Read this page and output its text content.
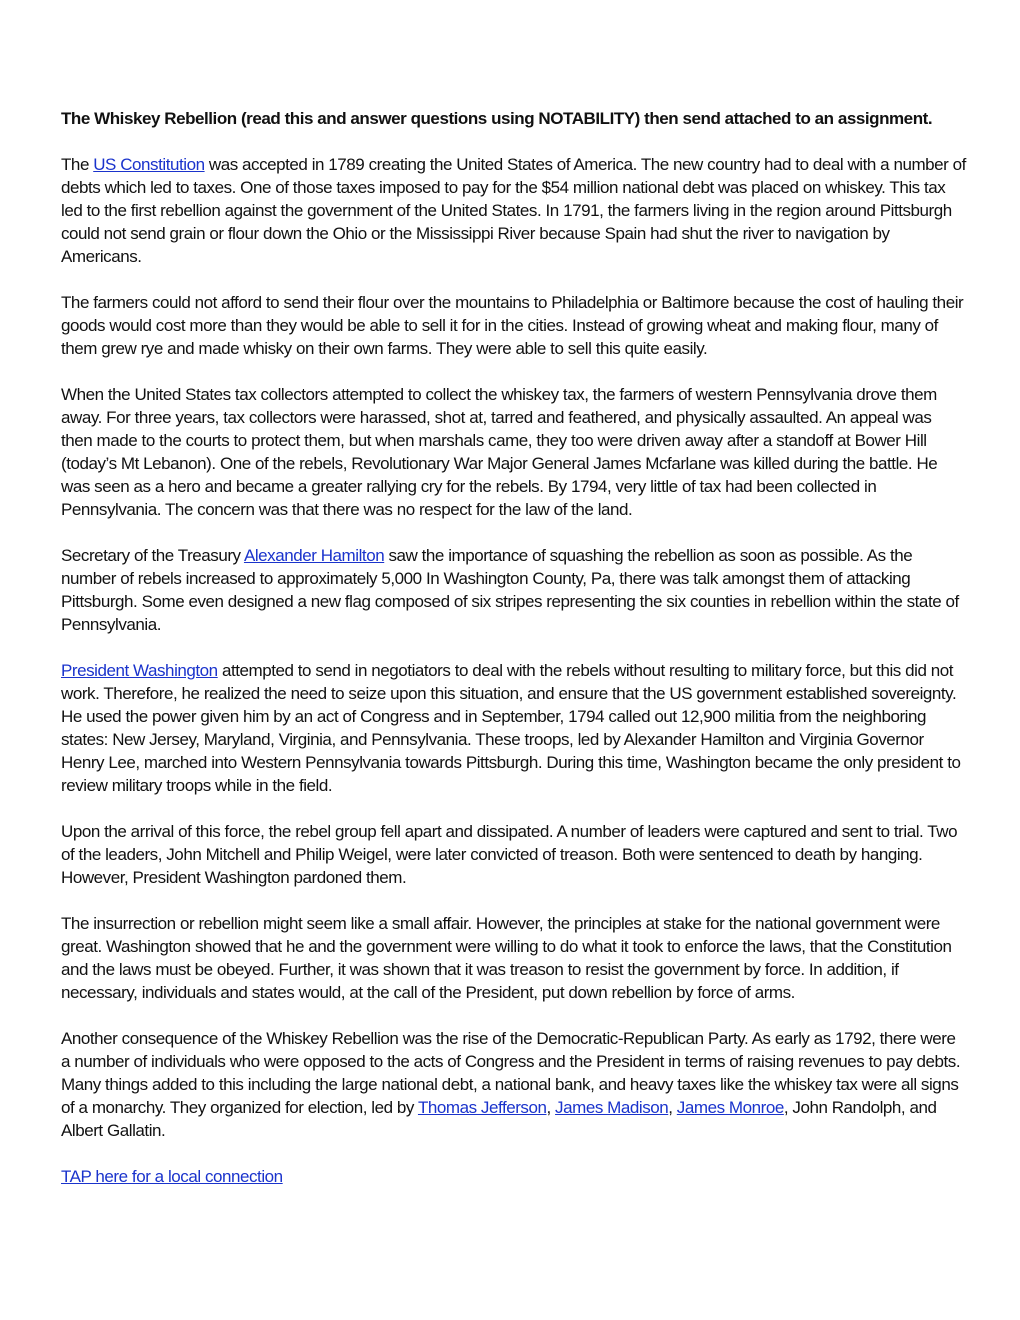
The Whiskey Rebellion (read this and answer questions using NOTABILITY) then send attached to an assignment.

The US Constitution was accepted in 1789 creating the United States of America. The new country had to deal with a number of debts which led to taxes. One of those taxes imposed to pay for the $54 million national debt was placed on whiskey. This tax led to the first rebellion against the government of the United States. In 1791, the farmers living in the region around Pittsburgh could not send grain or flour down the Ohio or the Mississippi River because Spain had shut the river to navigation by Americans.

The farmers could not afford to send their flour over the mountains to Philadelphia or Baltimore because the cost of hauling their goods would cost more than they would be able to sell it for in the cities. Instead of growing wheat and making flour, many of them grew rye and made whisky on their own farms. They were able to sell this quite easily.

When the United States tax collectors attempted to collect the whiskey tax, the farmers of western Pennsylvania drove them away. For three years, tax collectors were harassed, shot at, tarred and feathered, and physically assaulted. An appeal was then made to the courts to protect them, but when marshals came, they too were driven away after a standoff at Bower Hill (today’s Mt Lebanon). One of the rebels, Revolutionary War Major General James Mcfarlane was killed during the battle. He was seen as a hero and became a greater rallying cry for the rebels. By 1794, very little of tax had been collected in Pennsylvania. The concern was that there was no respect for the law of the land.

Secretary of the Treasury Alexander Hamilton saw the importance of squashing the rebellion as soon as possible. As the number of rebels increased to approximately 5,000 In Washington County, Pa, there was talk amongst them of attacking Pittsburgh. Some even designed a new flag composed of six stripes representing the six counties in rebellion within the state of Pennsylvania.

President Washington attempted to send in negotiators to deal with the rebels without resulting to military force, but this did not work. Therefore, he realized the need to seize upon this situation, and ensure that the US government established sovereignty. He used the power given him by an act of Congress and in September, 1794 called out 12,900 militia from the neighboring states: New Jersey, Maryland, Virginia, and Pennsylvania. These troops, led by Alexander Hamilton and Virginia Governor Henry Lee, marched into Western Pennsylvania towards Pittsburgh. During this time, Washington became the only president to review military troops while in the field.

Upon the arrival of this force, the rebel group fell apart and dissipated. A number of leaders were captured and sent to trial. Two of the leaders, John Mitchell and Philip Weigel, were later convicted of treason. Both were sentenced to death by hanging. However, President Washington pardoned them.

The insurrection or rebellion might seem like a small affair. However, the principles at stake for the national government were great. Washington showed that he and the government were willing to do what it took to enforce the laws, that the Constitution and the laws must be obeyed. Further, it was shown that it was treason to resist the government by force. In addition, if necessary, individuals and states would, at the call of the President, put down rebellion by force of arms.

Another consequence of the Whiskey Rebellion was the rise of the Democratic-Republican Party. As early as 1792, there were a number of individuals who were opposed to the acts of Congress and the President in terms of raising revenues to pay debts. Many things added to this including the large national debt, a national bank, and heavy taxes like the whiskey tax were all signs of a monarchy. They organized for election, led by Thomas Jefferson, James Madison, James Monroe, John Randolph, and Albert Gallatin.

TAP here for a local connection
